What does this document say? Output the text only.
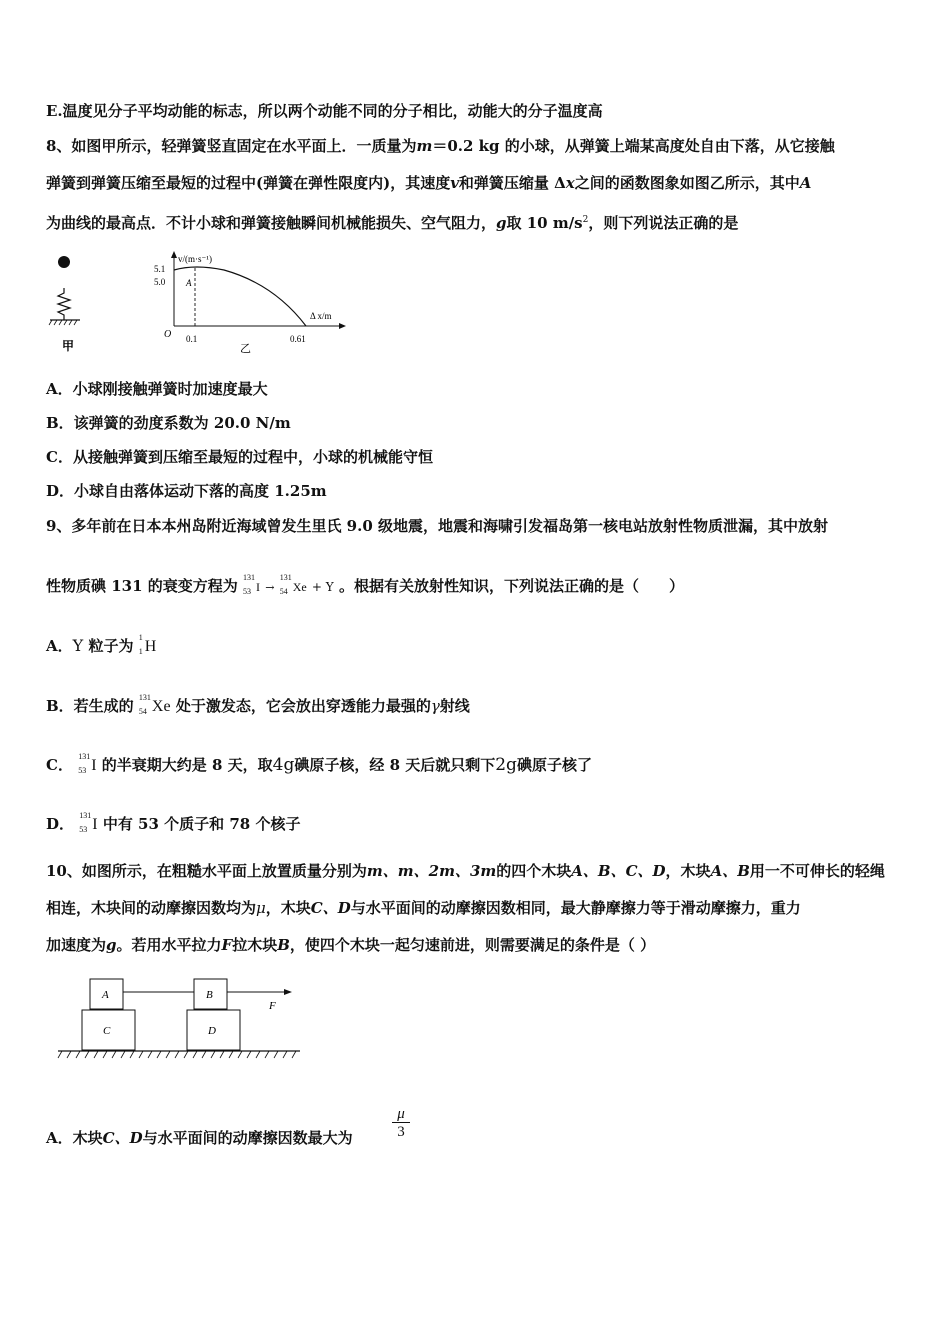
E.温度见分子平均动能的标志，所以两个动能不同的分子相比，动能大的分子温度高
8、如图甲所示，轻弹簧竖直固定在水平面上．一质量为m＝0.2 kg 的小球，从弹簧上端某高度处自由下落，从它接触
弹簧到弹簧压缩至最短的过程中(弹簧在弹性限度内)，其速度v和弹簧压缩量 Δx之间的函数图象如图乙所示，其中A
为曲线的最高点．不计小球和弹簧接触瞬间机械能损失、空气阻力，g取 10 $m/s^2$，则下列说法正确的是
甲
v/(m·s⁻¹)
Δ x/m
5.1
5.0
O 0.1	0.61
A
乙
A．小球刚接触弹簧时加速度最大
B．该弹簧的劲度系数为 20.0 N/m
C．从接触弹簧到压缩至最短的过程中，小球的机械能守恒
D．小球自由落体运动下落的高度 1.25m
9、多年前在日本本州岛附近海域曾发生里氏 9.0 级地震，地震和海啸引发福岛第一核电站放射性物质泄漏，其中放射
性物质碘 131 的衰变方程为 131
53 I →
131
54 Xe + Y 。根据有关放射性知识，下列说法正确的是（　　）
A．Y 粒子为 1
1 H
B．若生成的 131
54 Xe 处于激发态，它会放出穿透能力最强的γ射线
C． 131
53 I 的半衰期大约是 8 天，取4g碘原子核，经 8 天后就只剩下2g碘原子核了
D． 131
53 I 中有 53 个质子和 78 个核子
10、如图所示，在粗糙水平面上放置质量分别为m、m、2m、3m的四个木块A、B、C、D，木块A、B用一不可伸长的轻绳
相连，木块间的动摩擦因数均为μ，木块C、D与水平面间的动摩擦因数相同，最大静摩擦力等于滑动摩擦力，重力
加速度为g。若用水平拉力F拉木块B，使四个木块一起匀速前进，则需要满足的条件是（ ）
A
C
B
D
F
A．木块C、D与水平面间的动摩擦因数最大为
μ
3
